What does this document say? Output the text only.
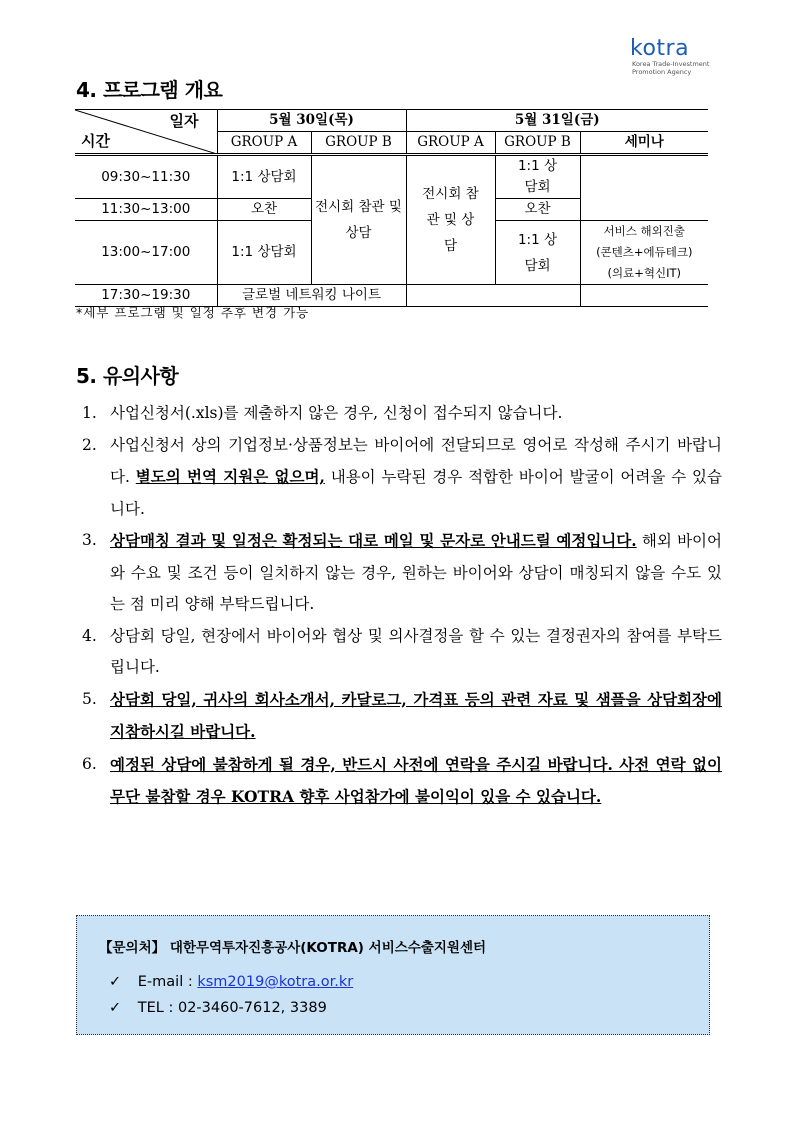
kotra
Korea Trade-Investment
Promotion Agency
4. 프로그램 개요
일자
시간	5월 30일(목)		5월 31일(금)		
	GROUP A	GROUP B	GROUP A	GROUP B	세미나
09:30~11:30	1:1 상담회	전시회 참관 및 상담	전시회 참관 및 상담	1:1 상담회	
11:30~13:00	오찬			오찬	
13:00~17:00	1:1 상담회			1:1 상담회	서비스 해외진출
(콘텐츠+에듀테크)
(의료+혁신IT)

17:30~19:30	글로벌 네트워킹 나이트				
*세부 프로그램 및 일정 추후 변경 가능
5. 유의사항
1. 사업신청서(.xls)를 제출하지 않은 경우, 신청이 접수되지 않습니다.
2. 사업신청서 상의 기업정보·상품정보는 바이어에 전달되므로 영어로 작성해 주시기 바랍니다. 별도의 번역 지원은 없으며, 내용이 누락된 경우 적합한 바이어 발굴이 어려울 수 있습니다.
3. 상담매칭 결과 및 일정은 확정되는 대로 메일 및 문자로 안내드릴 예정입니다. 해외 바이어와 수요 및 조건 등이 일치하지 않는 경우, 원하는 바이어와 상담이 매칭되지 않을 수도 있는 점 미리 양해 부탁드립니다.
4. 상담회 당일, 현장에서 바이어와 협상 및 의사결정을 할 수 있는 결정권자의 참여를 부탁드립니다.
5. 상담회 당일, 귀사의 회사소개서, 카달로그, 가격표 등의 관련 자료 및 샘플을 상담회장에 지참하시길 바랍니다.
6. 예정된 상담에 불참하게 될 경우, 반드시 사전에 연락을 주시길 바랍니다. 사전 연락 없이 무단 불참할 경우 KOTRA 향후 사업참가에 불이익이 있을 수 있습니다.
【문의처】 대한무역투자진흥공사(KOTRA) 서비스수출지원센터
✓ E-mail : ksm2019@kotra.or.kr
✓ TEL : 02-3460-7612, 3389
